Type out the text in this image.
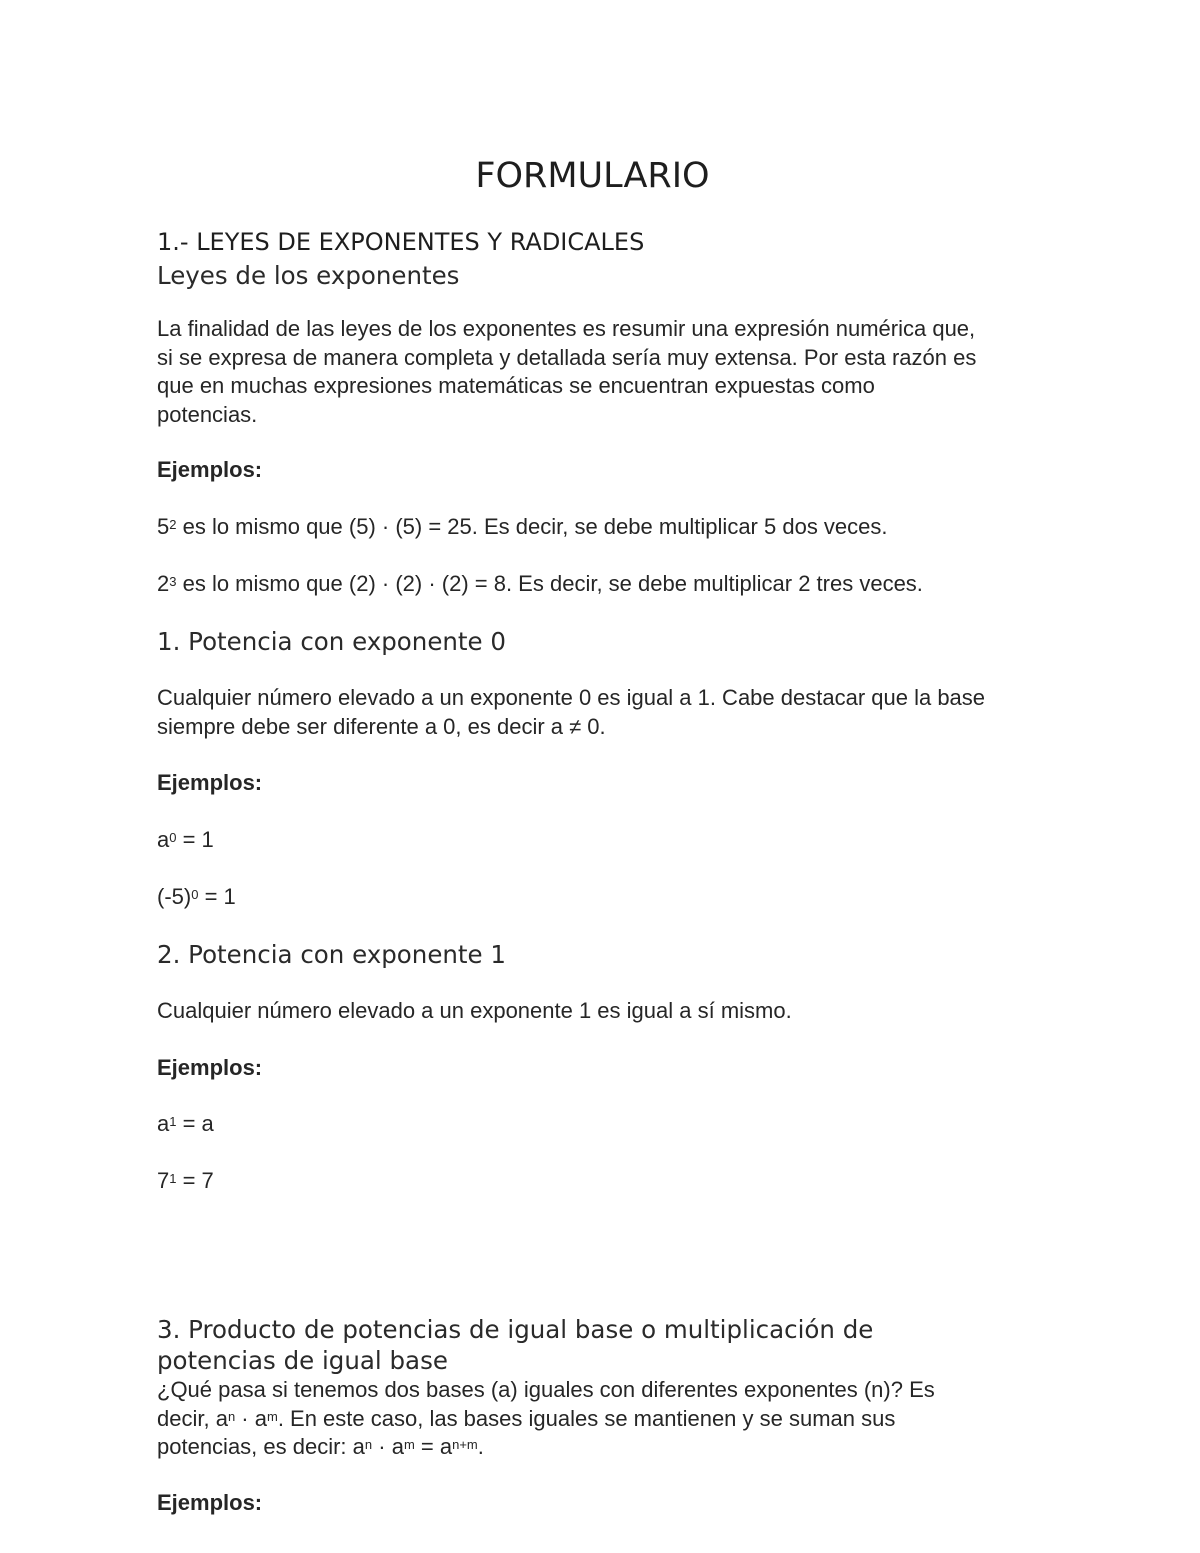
FORMULARIO
1.- LEYES DE EXPONENTES Y RADICALES
Leyes de los exponentes
La finalidad de las leyes de los exponentes es resumir una expresión numérica que,
si se expresa de manera completa y detallada sería muy extensa. Por esta razón es
que en muchas expresiones matemáticas se encuentran expuestas como
potencias.
Ejemplos:
$5^2$ es lo mismo que (5) · (5) = 25. Es decir, se debe multiplicar 5 dos veces.
$2^3$ es lo mismo que (2) · (2) · (2) = 8. Es decir, se debe multiplicar 2 tres veces.
1. Potencia con exponente 0
Cualquier número elevado a un exponente 0 es igual a 1. Cabe destacar que la base
siempre debe ser diferente a 0, es decir a ≠ 0.
Ejemplos:
$a^0 = 1$
$(-5)^0 = 1$
2. Potencia con exponente 1
Cualquier número elevado a un exponente 1 es igual a sí mismo.
Ejemplos:
$a^1 = a$
$7^1 = 7$
3. Producto de potencias de igual base o multiplicación de
potencias de igual base
¿Qué pasa si tenemos dos bases (a) iguales con diferentes exponentes (n)? Es
decir, $a^n \cdot a^m$. En este caso, las bases iguales se mantienen y se suman sus
potencias, es decir: $a^n \cdot a^m = a^{n+m}$.
Ejemplos:
